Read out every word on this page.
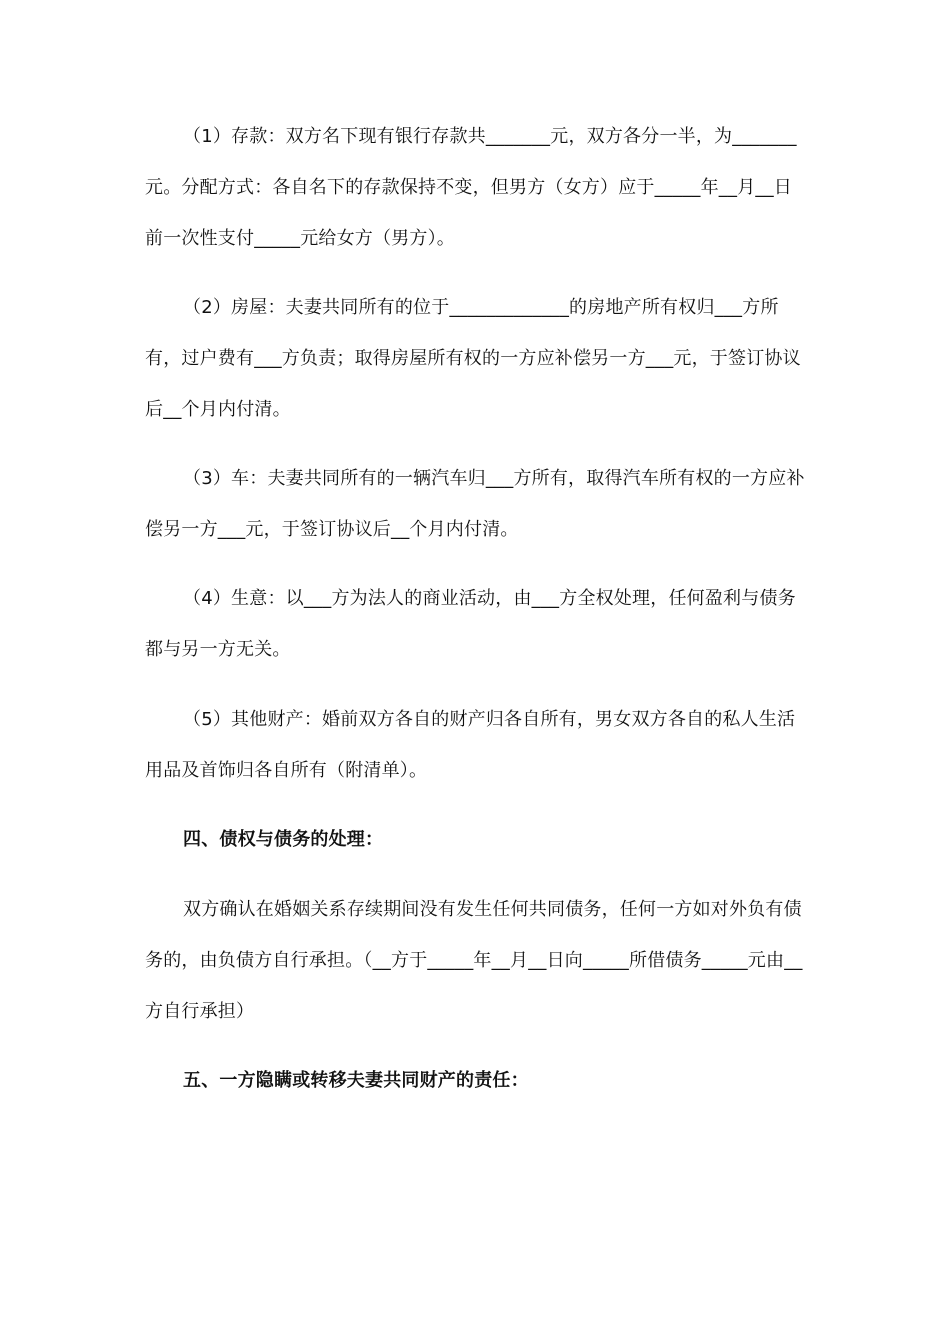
（1）存款：双方名下现有银行存款共_______元，双方各分一半，为_______元。分配方式：各自名下的存款保持不变，但男方（女方）应于_____年__月__日前一次性支付_____元给女方（男方）。

（2）房屋：夫妻共同所有的位于_____________的房地产所有权归___方所有，过户费有___方负责；取得房屋所有权的一方应补偿另一方___元，于签订协议后__个月内付清。

（3）车：夫妻共同所有的一辆汽车归___方所有，取得汽车所有权的一方应补偿另一方___元，于签订协议后__个月内付清。

（4）生意：以___方为法人的商业活动，由___方全权处理，任何盈利与债务都与另一方无关。

（5）其他财产：婚前双方各自的财产归各自所有，男女双方各自的私人生活用品及首饰归各自所有（附清单）。

四、债权与债务的处理：

双方确认在婚姻关系存续期间没有发生任何共同债务，任何一方如对外负有债务的，由负债方自行承担。（__方于_____年__月__日向_____所借债务_____元由__方自行承担）

五、一方隐瞒或转移夫妻共同财产的责任：
